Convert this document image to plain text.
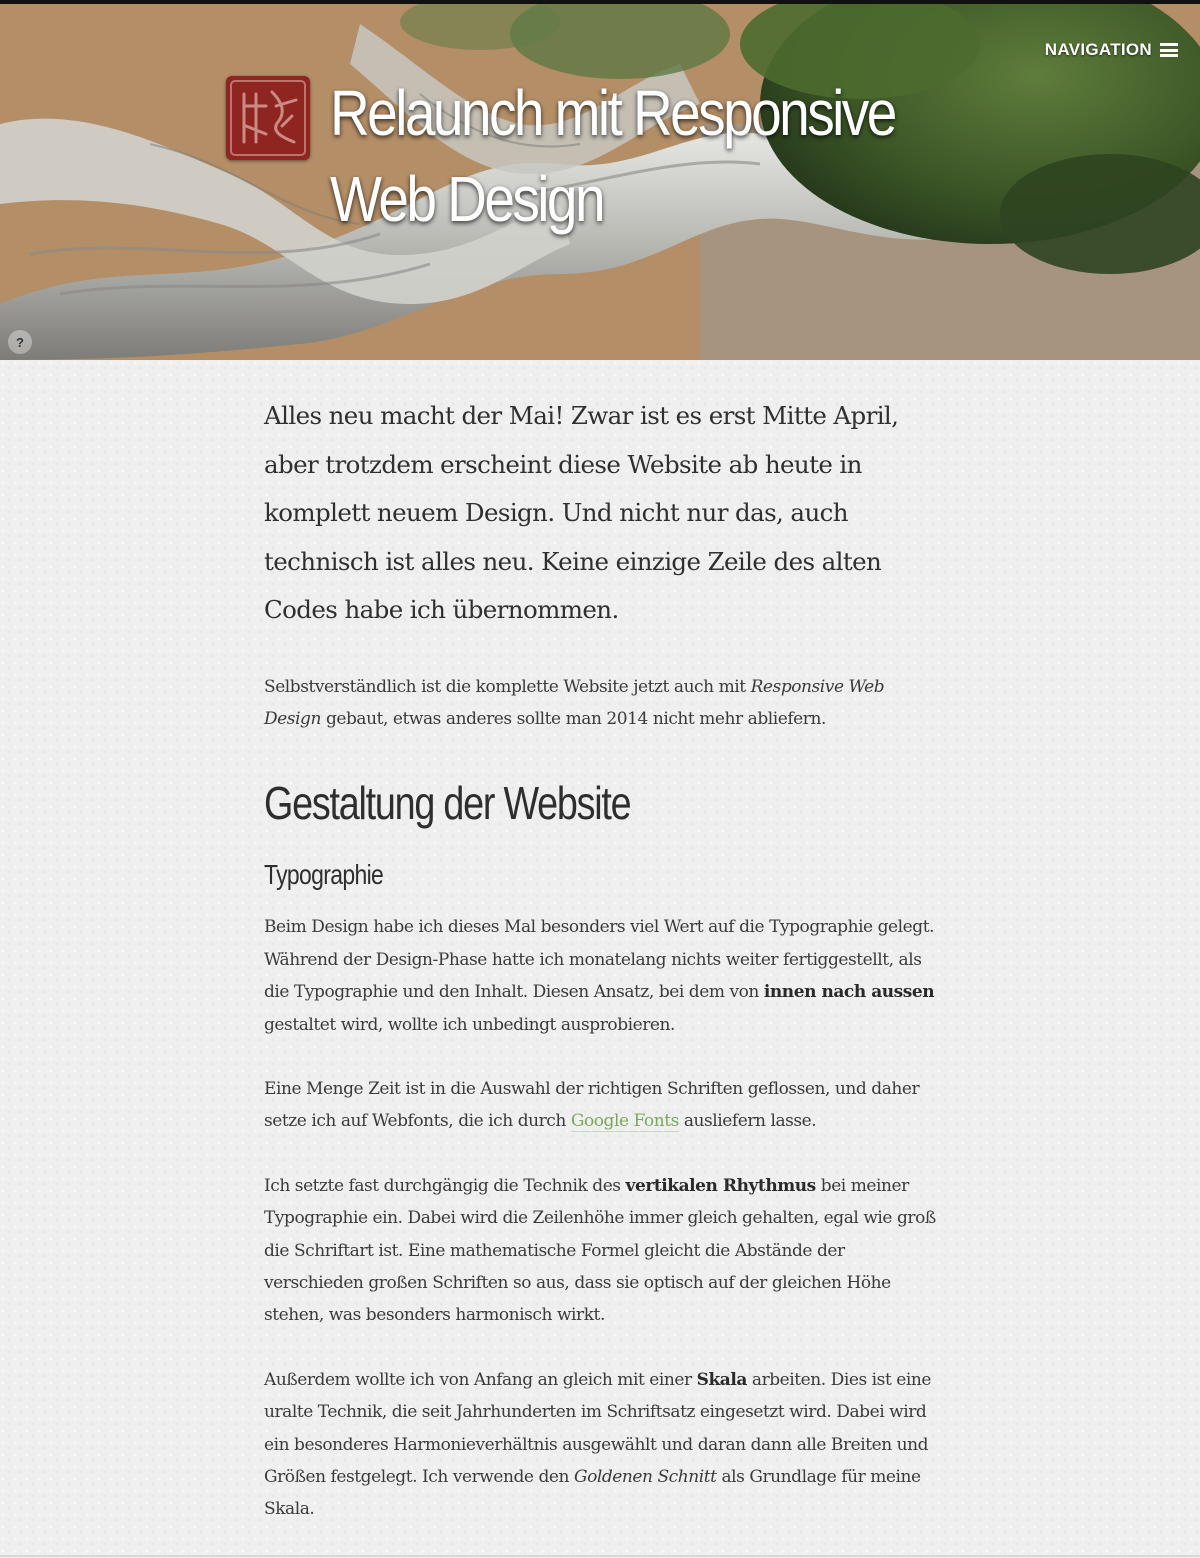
Relaunch mit Responsive Web Design
NAVIGATION
?

Alles neu macht der Mai! Zwar ist es erst Mitte April, aber trotzdem erscheint diese Website ab heute in komplett neuem Design. Und nicht nur das, auch technisch ist alles neu. Keine einzige Zeile des alten Codes habe ich übernommen.

Selbstverständlich ist die komplette Website jetzt auch mit Responsive Web Design gebaut, etwas anderes sollte man 2014 nicht mehr abliefern.

Gestaltung der Website
Typographie

Beim Design habe ich dieses Mal besonders viel Wert auf die Typographie gelegt. Während der Design-Phase hatte ich monatelang nichts weiter fertiggestellt, als die Typographie und den Inhalt. Diesen Ansatz, bei dem von innen nach aussen gestaltet wird, wollte ich unbedingt ausprobieren.

Eine Menge Zeit ist in die Auswahl der richtigen Schriften geflossen, und daher setze ich auf Webfonts, die ich durch Google Fonts ausliefern lasse.

Ich setzte fast durchgängig die Technik des vertikalen Rhythmus bei meiner Typographie ein. Dabei wird die Zeilenhöhe immer gleich gehalten, egal wie groß die Schriftart ist. Eine mathematische Formel gleicht die Abstände der verschieden großen Schriften so aus, dass sie optisch auf der gleichen Höhe stehen, was besonders harmonisch wirkt.

Außerdem wollte ich von Anfang an gleich mit einer Skala arbeiten. Dies ist eine uralte Technik, die seit Jahrhunderten im Schriftsatz eingesetzt wird. Dabei wird ein besonderes Harmonieverhältnis ausgewählt und daran dann alle Breiten und Größen festgelegt. Ich verwende den Goldenen Schnitt als Grundlage für meine Skala.
